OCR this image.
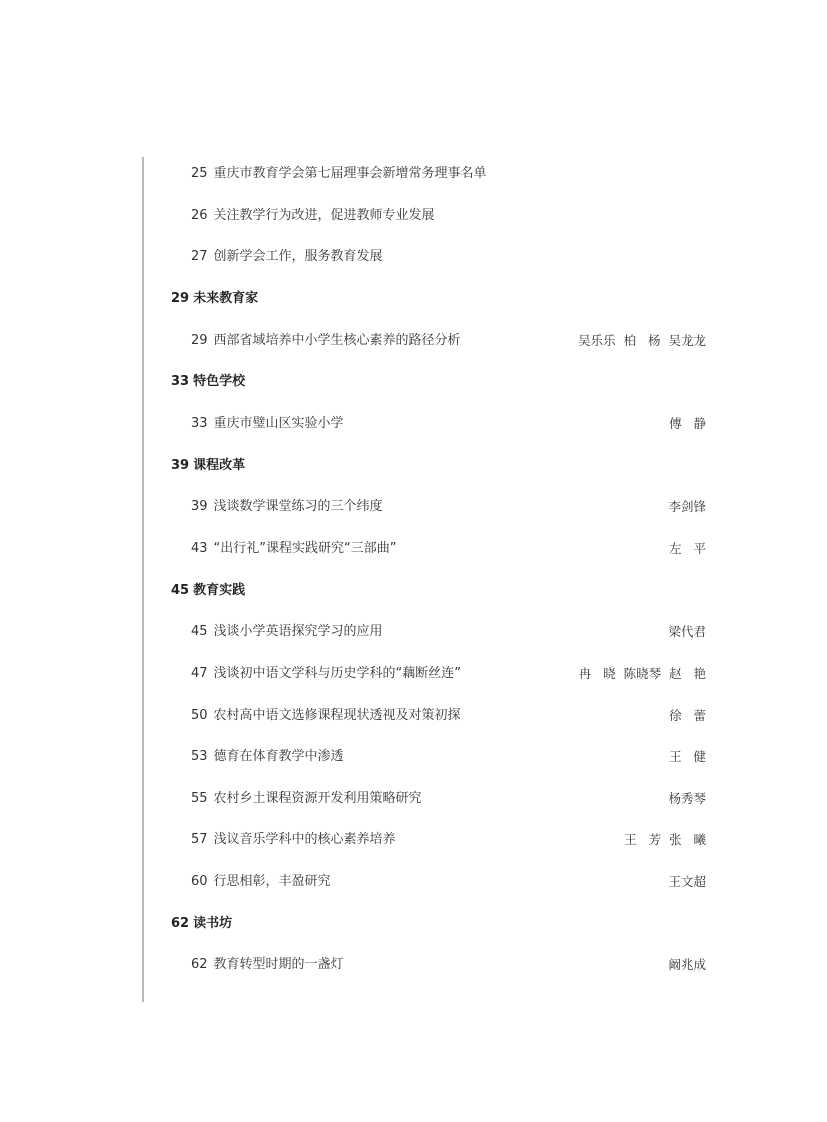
25 重庆市教育学会第七届理事会新增常务理事名单
26 关注教学行为改进，促进教师专业发展
27 创新学会工作，服务教育发展
29 未来教育家
29 西部省域培养中小学生核心素养的路径分析	吴乐乐  柏   杨  吴龙龙
33 特色学校
33 重庆市璧山区实验小学	傅   静
39 课程改革
39 浅谈数学课堂练习的三个纬度	李剑锋
43 “出行礼”课程实践研究“三部曲”	左   平
45 教育实践
45 浅谈小学英语探究学习的应用	梁代君
47 浅谈初中语文学科与历史学科的“藕断丝连”	冉   晓  陈晓琴  赵   艳
50 农村高中语文选修课程现状透视及对策初探	徐   蕾
53 德育在体育教学中渗透	王   健
55 农村乡土课程资源开发利用策略研究	杨秀琴
57 浅议音乐学科中的核心素养培养	王   芳  张   曦
60 行思相彰，丰盈研究	王文超
62 读书坊
62 教育转型时期的一盏灯	阚兆成
